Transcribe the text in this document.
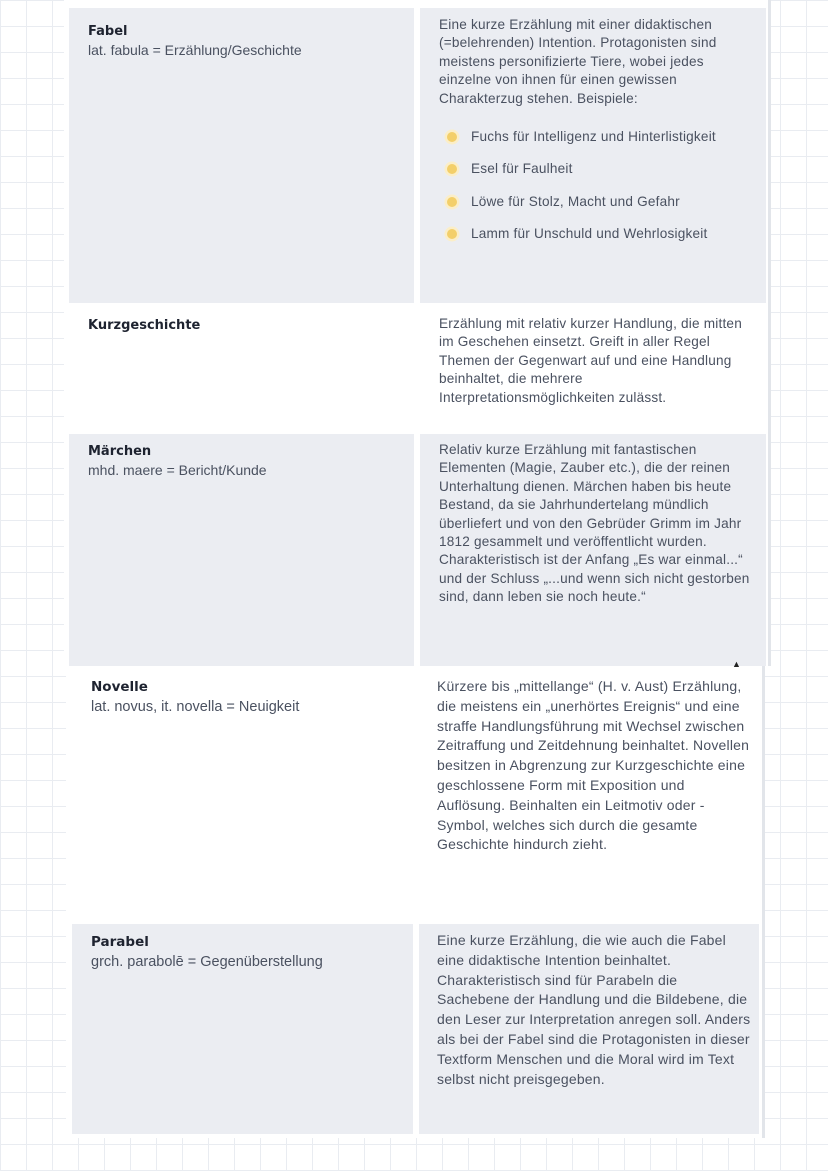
Fabel

lat. fabula = Erzählung/Geschichte

Eine kurze Erzählung mit einer didaktischen (=belehrenden) Intention. Protagonisten sind meistens personifizierte Tiere, wobei jedes einzelne von ihnen für einen gewissen Charakterzug stehen. Beispiele:

Fuchs für Intelligenz und Hinterlistigkeit
Esel für Faulheit
Löwe für Stolz, Macht und Gefahr
Lamm für Unschuld und Wehrlosigkeit

Kurzgeschichte	Erzählung mit relativ kurzer Handlung, die mitten im Geschehen einsetzt. Greift in aller Regel Themen der Gegenwart auf und eine Handlung beinhaltet, die mehrere Interpretationsmöglichkeiten zulässt.

Märchen

mhd. maere = Bericht/Kunde

Relativ kurze Erzählung mit fantastischen Elementen (Magie, Zauber etc.), die der reinen Unterhaltung dienen. Märchen haben bis heute Bestand, da sie Jahrhundertelang mündlich überliefert und von den Gebrüder Grimm im Jahr 1812 gesammelt und veröffentlicht wurden. Charakteristisch ist der Anfang „Es war einmal...“ und der Schluss „...und wenn sich nicht gestorben sind, dann leben sie noch heute.“

▲

Novelle

lat. novus, it. novella = Neuigkeit

Kürzere bis „mittellange“ (H. v. Aust) Erzählung, die meistens ein „unerhörtes Ereignis“ und eine straffe Handlungsführung mit Wechsel zwischen Zeitraffung und Zeitdehnung beinhaltet. Novellen besitzen in Abgrenzung zur Kurzgeschichte eine geschlossene Form mit Exposition und Auflösung. Beinhalten ein Leitmotiv oder -Symbol, welches sich durch die gesamte Geschichte hindurch zieht.

Parabel

grch. parabolē = Gegenüberstellung

Eine kurze Erzählung, die wie auch die Fabel eine didaktische Intention beinhaltet. Charakteristisch sind für Parabeln die Sachebene der Handlung und die Bildebene, die den Leser zur Interpretation anregen soll. Anders als bei der Fabel sind die Protagonisten in dieser Textform Menschen und die Moral wird im Text selbst nicht preisgegeben.
